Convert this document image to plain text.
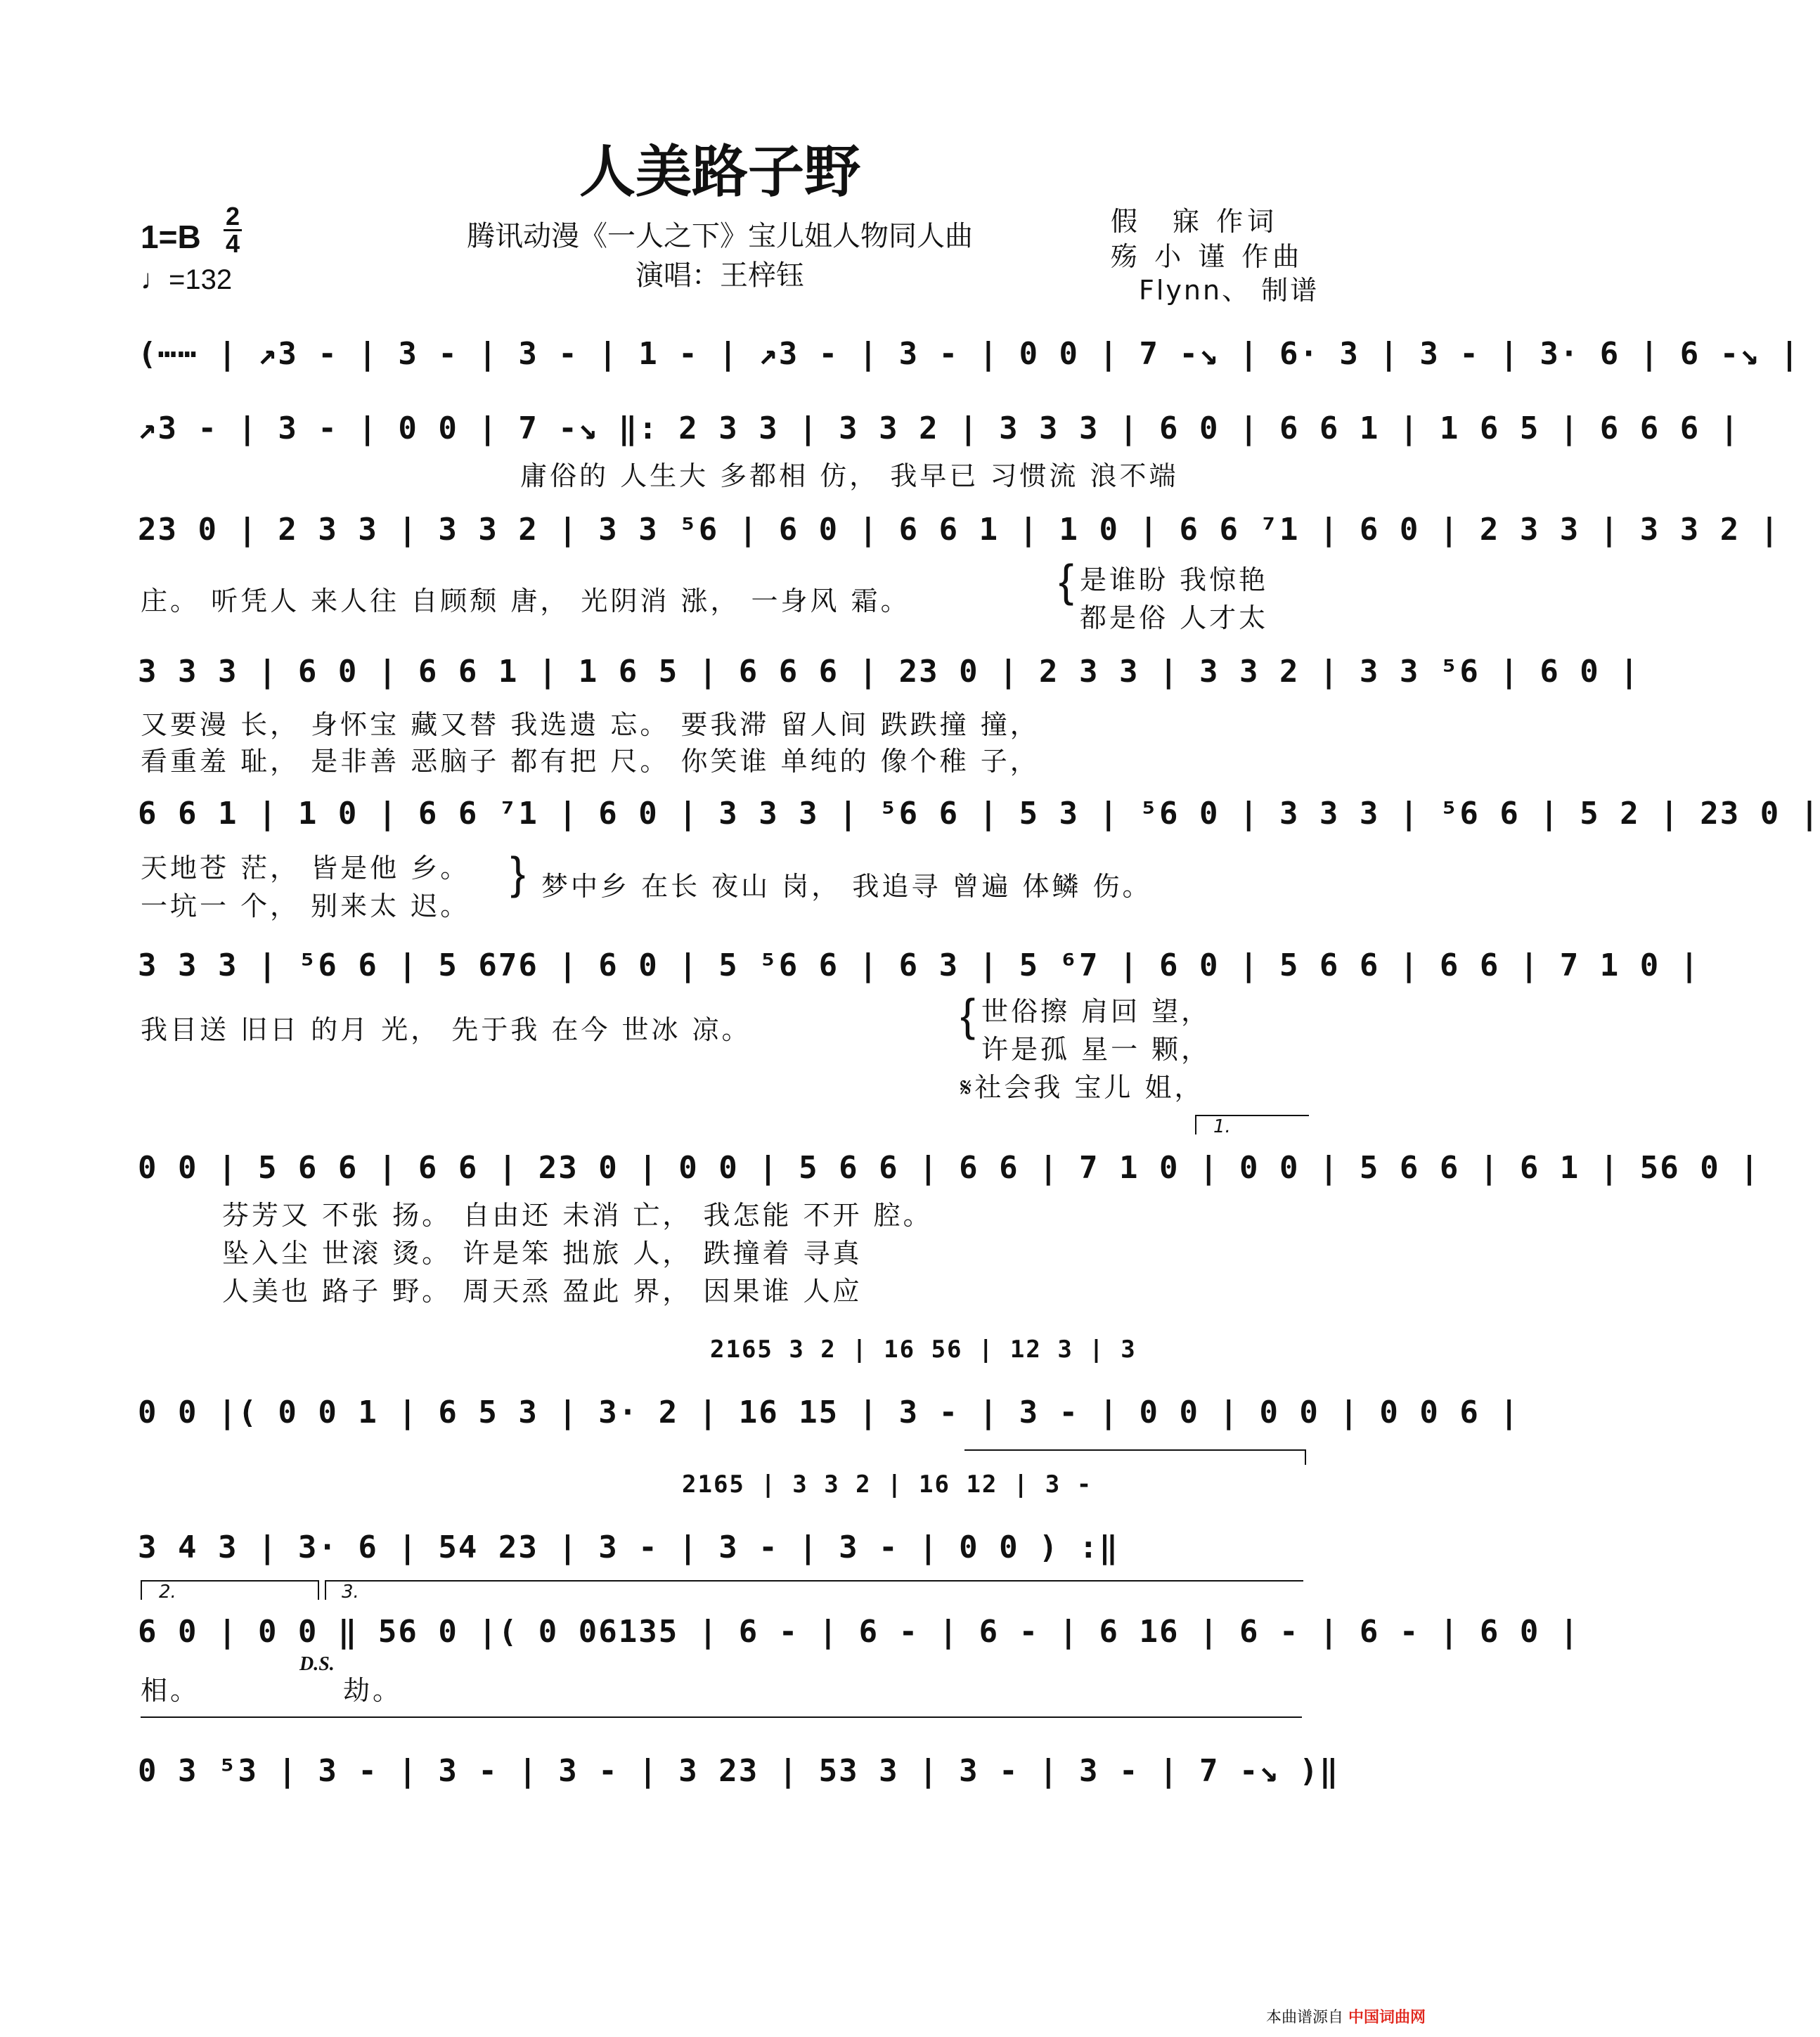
人美路子野
腾讯动漫《一人之下》宝儿姐人物同人曲
演唱：王梓钰
1=B
2
4
♩=132
假　寐 作词
殇 小 谨 作曲
Flynn、 制谱
(⋯⋯ | ↗3 - | 3 - | 3 - | 1 - | ↗3 - | 3 - | 0 0 | 7 -↘ | 6· 3 | 3 - | 3· 6 | 6 -↘ |
↗3 - | 3 - | 0 0 | 7 -↘ ‖: 2 3 3 | 3 3 2 | 3 3 3 | 6 0 | 6 6 1 | 1 6 5 | 6 6 6 |
庸俗的 人生大 多都相 仿， 我早已 习惯流 浪不端
23 0 | 2 3 3 | 3 3 2 | 3 3 ⁵6 | 6 0 | 6 6 1 | 1 0 | 6 6 ⁷1 | 6 0 | 2 3 3 | 3 3 2 |
庄。 听凭人 来人往 自顾颓 唐， 光阴消 涨， 一身风 霜。	{ 是谁盼 我惊艳
都是俗 人才太
3 3 3 | 6 0 | 6 6 1 | 1 6 5 | 6 6 6 | 23 0 | 2 3 3 | 3 3 2 | 3 3 ⁵6 | 6 0 |
又要漫 长， 身怀宝 藏又替 我选遗 忘。 要我滞 留人间 跌跌撞 撞，
看重羞 耻， 是非善 恶脑子 都有把 尺。 你笑谁 单纯的 像个稚 子，
6 6 1 | 1 0 | 6 6 ⁷1 | 6 0 | 3 3 3 | ⁵6 6 | 5 3 | ⁵6 0 | 3 3 3 | ⁵6 6 | 5 2 | 23 0 |
天地苍 茫， 皆是他 乡。
一坑一 个， 别来太 迟。
} 梦中乡 在长 夜山 岗， 我追寻 曾遍 体鳞 伤。
3 3 3 | ⁵6 6 | 5 676 | 6 0 | 5 ⁵6 6 | 6 3 | 5 ⁶7 | 6 0 | 5 6 6 | 6 6 | 7 1 0 |
我目送 旧日 的月 光， 先于我 在今 世冰 凉。	{ 世俗擦 肩回 望，
许是孤 星一 颗，
𝄋社会我 宝儿 姐，
1.
0 0 | 5 6 6 | 6 6 | 23 0 | 0 0 | 5 6 6 | 6 6 | 7 1 0 | 0 0 | 5 6 6 | 6 1 | 56 0 |
芬芳又 不张 扬。 自由还 未消 亡， 我怎能 不开 腔。
坠入尘 世滚 烫。 许是笨 拙旅 人， 跌撞着 寻真
人美也 路子 野。 周天烝 盈此 界， 因果谁 人应
2165 3 2 | 16 56 | 12 3 | 3
0 0 |( 0 0 1 | 6 5 3 | 3· 2 | 16 15 | 3 - | 3 - | 0 0 | 0 0 | 0 0 6 |
2165 | 3 3 2 | 16 12 | 3 -
3 4 3 | 3· 6 | 54 23 | 3 - | 3 - | 3 - | 0 0 ) :‖
2.	3.
6 0 | 0 0 ‖ 56 0 |( 0 06135 | 6 - | 6 - | 6 - | 6 16 | 6 - | 6 - | 6 0 |
相。
D.S.
劫。
0 3 ⁵3 | 3 - | 3 - | 3 - | 3 23 | 53 3 | 3 - | 3 - | 7 -↘ )‖
本曲谱源自 中国词曲网
